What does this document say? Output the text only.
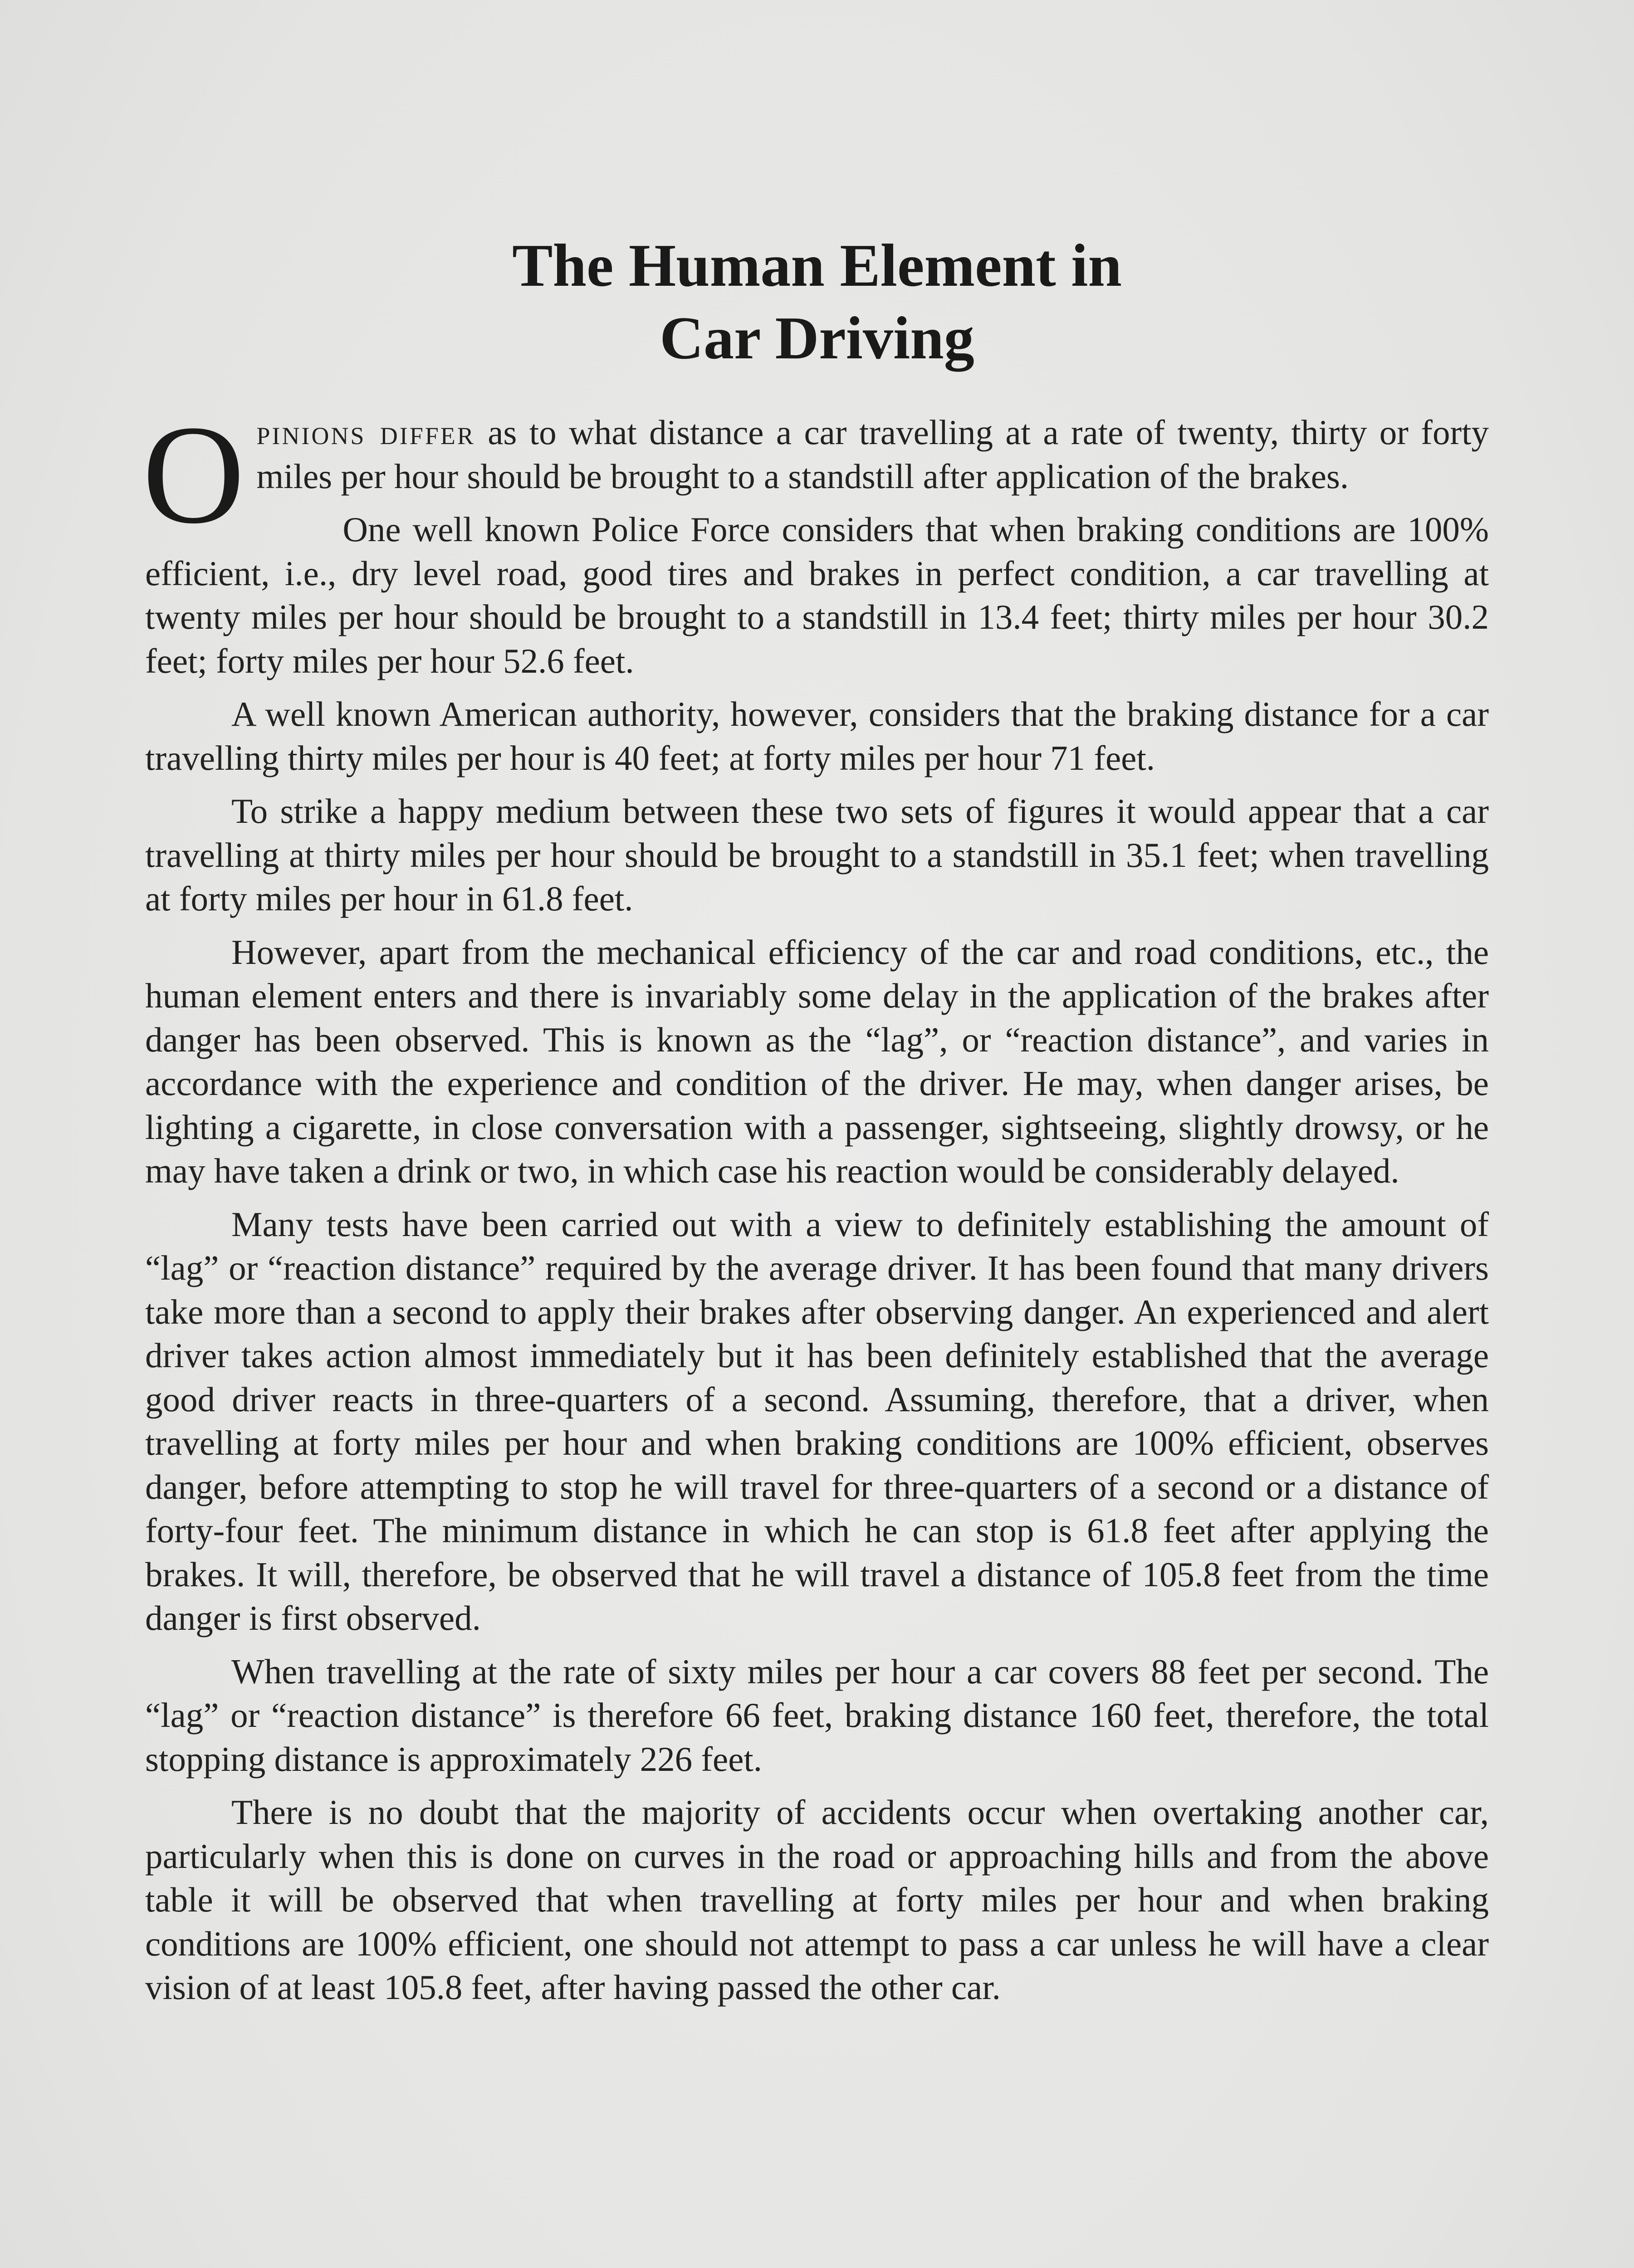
The Human Element in
Car Driving

Opinions differ as to what distance a car travelling at a rate of twenty, thirty or forty miles per hour should be brought to a standstill after application of the brakes.

One well known Police Force considers that when braking conditions are 100% efficient, i.e., dry level road, good tires and brakes in perfect condition, a car travelling at twenty miles per hour should be brought to a standstill in 13.4 feet; thirty miles per hour 30.2 feet; forty miles per hour 52.6 feet.

A well known American authority, however, considers that the braking distance for a car travelling thirty miles per hour is 40 feet; at forty miles per hour 71 feet.

To strike a happy medium between these two sets of figures it would appear that a car travelling at thirty miles per hour should be brought to a standstill in 35.1 feet; when travelling at forty miles per hour in 61.8 feet.

However, apart from the mechanical efficiency of the car and road conditions, etc., the human element enters and there is invariably some delay in the application of the brakes after danger has been observed. This is known as the “lag”, or “reaction distance”, and varies in accordance with the experience and condition of the driver. He may, when danger arises, be lighting a cigarette, in close conversation with a passenger, sightseeing, slightly drowsy, or he may have taken a drink or two, in which case his reaction would be considerably delayed.

Many tests have been carried out with a view to definitely establishing the amount of “lag” or “reaction distance” required by the average driver. It has been found that many drivers take more than a second to apply their brakes after observing danger. An experienced and alert driver takes action almost immediately but it has been definitely established that the average good driver reacts in three-quarters of a second. Assuming, therefore, that a driver, when travelling at forty miles per hour and when braking conditions are 100% efficient, observes danger, before attempting to stop he will travel for three-quarters of a second or a distance of forty-four feet. The minimum distance in which he can stop is 61.8 feet after applying the brakes. It will, therefore, be observed that he will travel a distance of 105.8 feet from the time danger is first observed.

When travelling at the rate of sixty miles per hour a car covers 88 feet per second. The “lag” or “reaction distance” is therefore 66 feet, braking distance 160 feet, therefore, the total stopping distance is approximately 226 feet.

There is no doubt that the majority of accidents occur when overtaking another car, particularly when this is done on curves in the road or approaching hills and from the above table it will be observed that when travelling at forty miles per hour and when braking conditions are 100% efficient, one should not attempt to pass a car unless he will have a clear vision of at least 105.8 feet, after having passed the other car.
